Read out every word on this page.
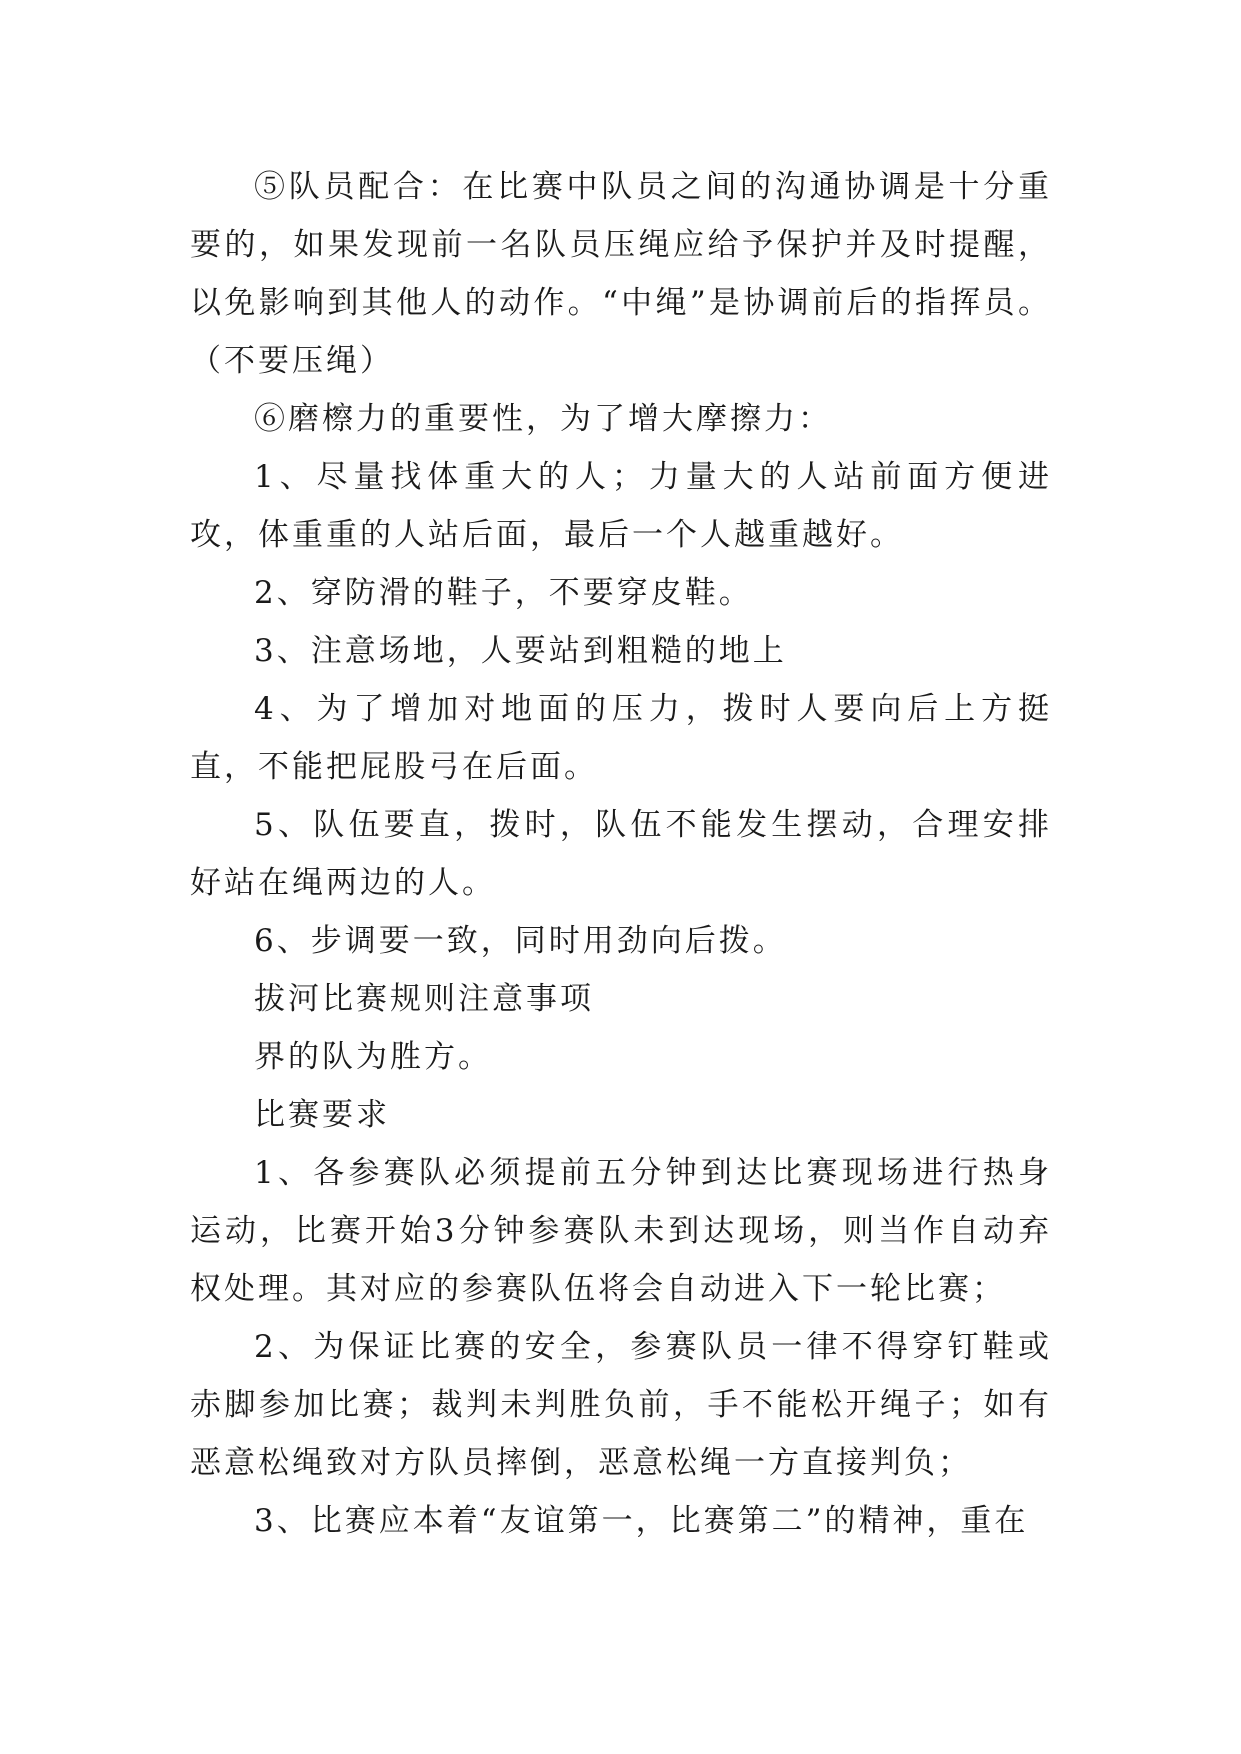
⑤队员配合：在比赛中队员之间的沟通协调是十分重要的，如果发现前一名队员压绳应给予保护并及时提醒，以免影响到其他人的动作。“中绳”是协调前后的指挥员。（不要压绳）

⑥磨檫力的重要性，为了增大摩擦力：

1、尽量找体重大的人；力量大的人站前面方便进攻，体重重的人站后面，最后一个人越重越好。

2、穿防滑的鞋子，不要穿皮鞋。

3、注意场地，人要站到粗糙的地上

4、为了增加对地面的压力，拨时人要向后上方挺直，不能把屁股弓在后面。

5、队伍要直，拨时，队伍不能发生摆动，合理安排好站在绳两边的人。

6、步调要一致，同时用劲向后拨。

拔河比赛规则注意事项

界的队为胜方。

比赛要求

1、各参赛队必须提前五分钟到达比赛现场进行热身运动，比赛开始3分钟参赛队未到达现场，则当作自动弃权处理。其对应的参赛队伍将会自动进入下一轮比赛；

2、为保证比赛的安全，参赛队员一律不得穿钉鞋或赤脚参加比赛；裁判未判胜负前，手不能松开绳子；如有恶意松绳致对方队员摔倒，恶意松绳一方直接判负；

3、比赛应本着“友谊第一，比赛第二”的精神，重在
